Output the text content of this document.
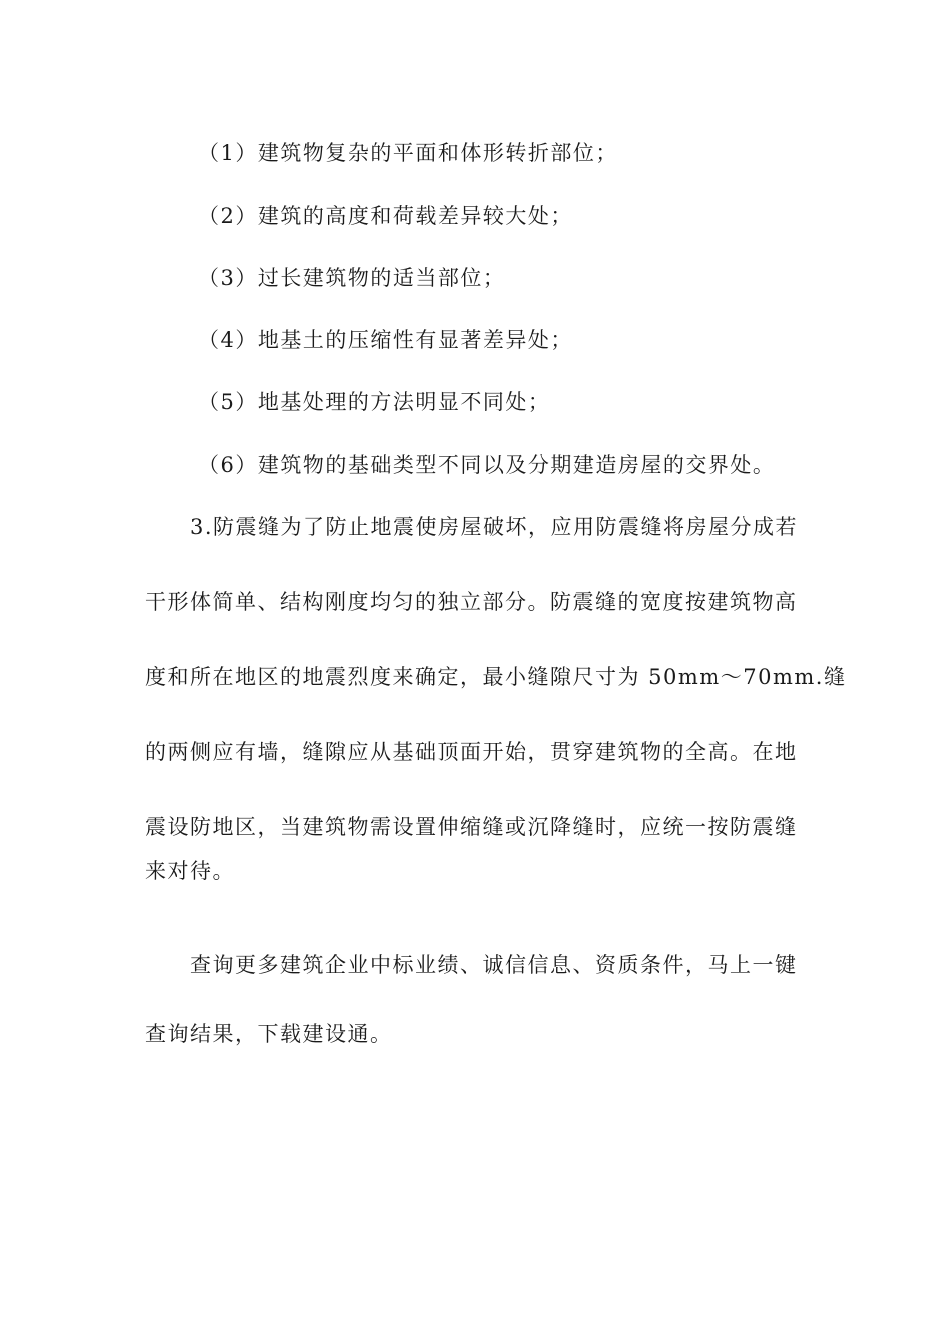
（1）建筑物复杂的平面和体形转折部位；
（2）建筑的高度和荷载差异较大处；
（3）过长建筑物的适当部位；
（4）地基土的压缩性有显著差异处；
（5）地基处理的方法明显不同处；
（6）建筑物的基础类型不同以及分期建造房屋的交界处。
3.防震缝为了防止地震使房屋破坏，应用防震缝将房屋分成若
干形体简单、结构刚度均匀的独立部分。防震缝的宽度按建筑物高
度和所在地区的地震烈度来确定，最小缝隙尺寸为 50mm～70mm.缝
的两侧应有墙，缝隙应从基础顶面开始，贯穿建筑物的全高。在地
震设防地区，当建筑物需设置伸缩缝或沉降缝时，应统一按防震缝
来对待。
查询更多建筑企业中标业绩、诚信信息、资质条件，马上一键
查询结果，下载建设通。
